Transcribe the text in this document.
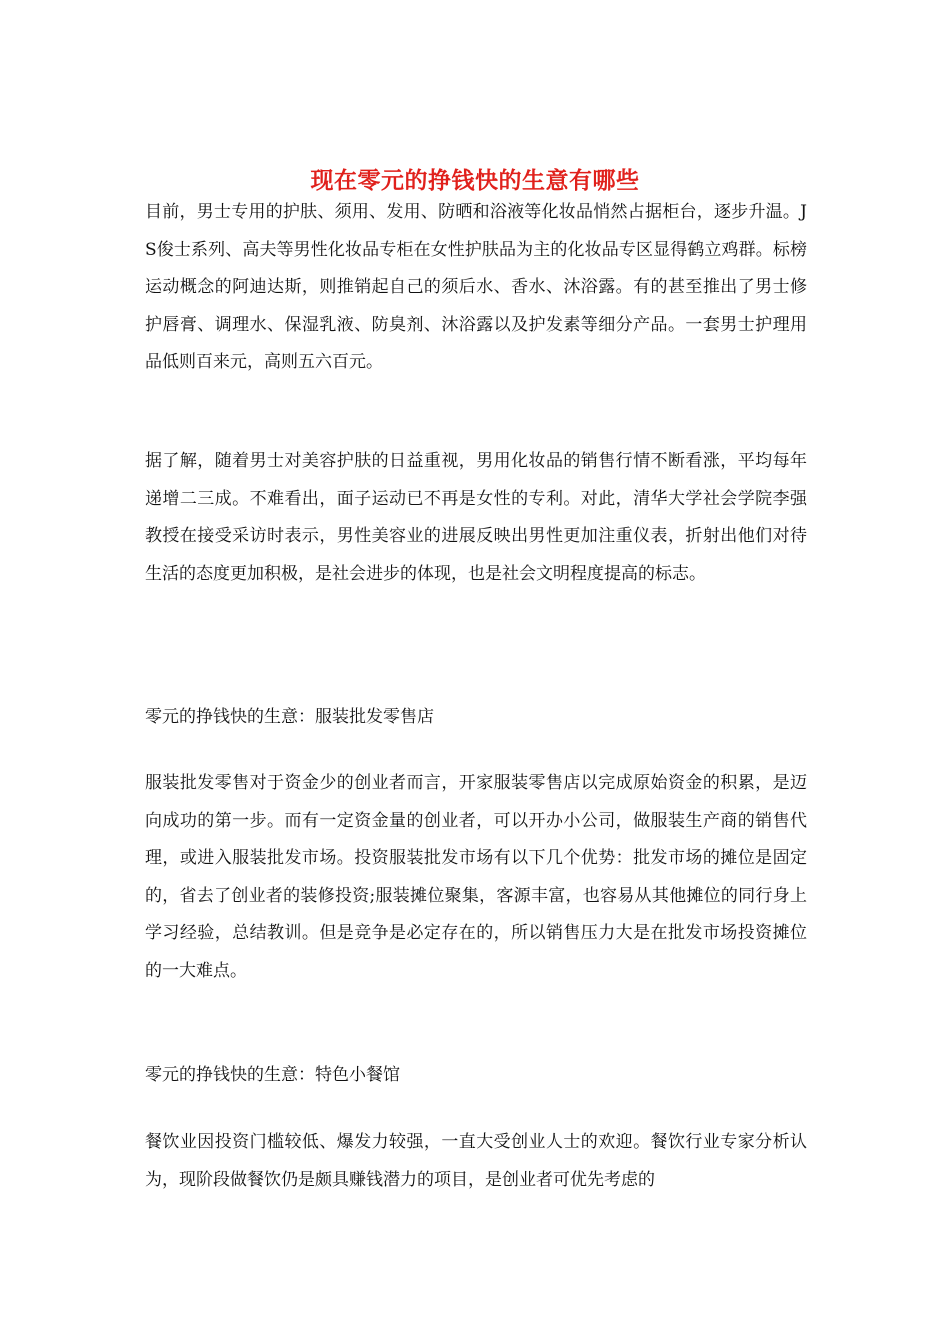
现在零元的挣钱快的生意有哪些

目前，男士专用的护肤、须用、发用、防晒和浴液等化妆品悄然占据柜台，逐步升温。JS俊士系列、高夫等男性化妆品专柜在女性护肤品为主的化妆品专区显得鹤立鸡群。标榜运动概念的阿迪达斯，则推销起自己的须后水、香水、沐浴露。有的甚至推出了男士修护唇膏、调理水、保湿乳液、防臭剂、沐浴露以及护发素等细分产品。一套男士护理用品低则百来元，高则五六百元。

据了解，随着男士对美容护肤的日益重视，男用化妆品的销售行情不断看涨，平均每年递增二三成。不难看出，面子运动已不再是女性的专利。对此，清华大学社会学院李强教授在接受采访时表示，男性美容业的进展反映出男性更加注重仪表，折射出他们对待生活的态度更加积极，是社会进步的体现，也是社会文明程度提高的标志。

零元的挣钱快的生意：服装批发零售店

服装批发零售对于资金少的创业者而言，开家服装零售店以完成原始资金的积累，是迈向成功的第一步。而有一定资金量的创业者，可以开办小公司，做服装生产商的销售代理，或进入服装批发市场。投资服装批发市场有以下几个优势：批发市场的摊位是固定的，省去了创业者的装修投资;服装摊位聚集，客源丰富，也容易从其他摊位的同行身上学习经验，总结教训。但是竞争是必定存在的，所以销售压力大是在批发市场投资摊位的一大难点。

零元的挣钱快的生意：特色小餐馆

餐饮业因投资门槛较低、爆发力较强，一直大受创业人士的欢迎。餐饮行业专家分析认为，现阶段做餐饮仍是颇具赚钱潜力的项目，是创业者可优先考虑的
